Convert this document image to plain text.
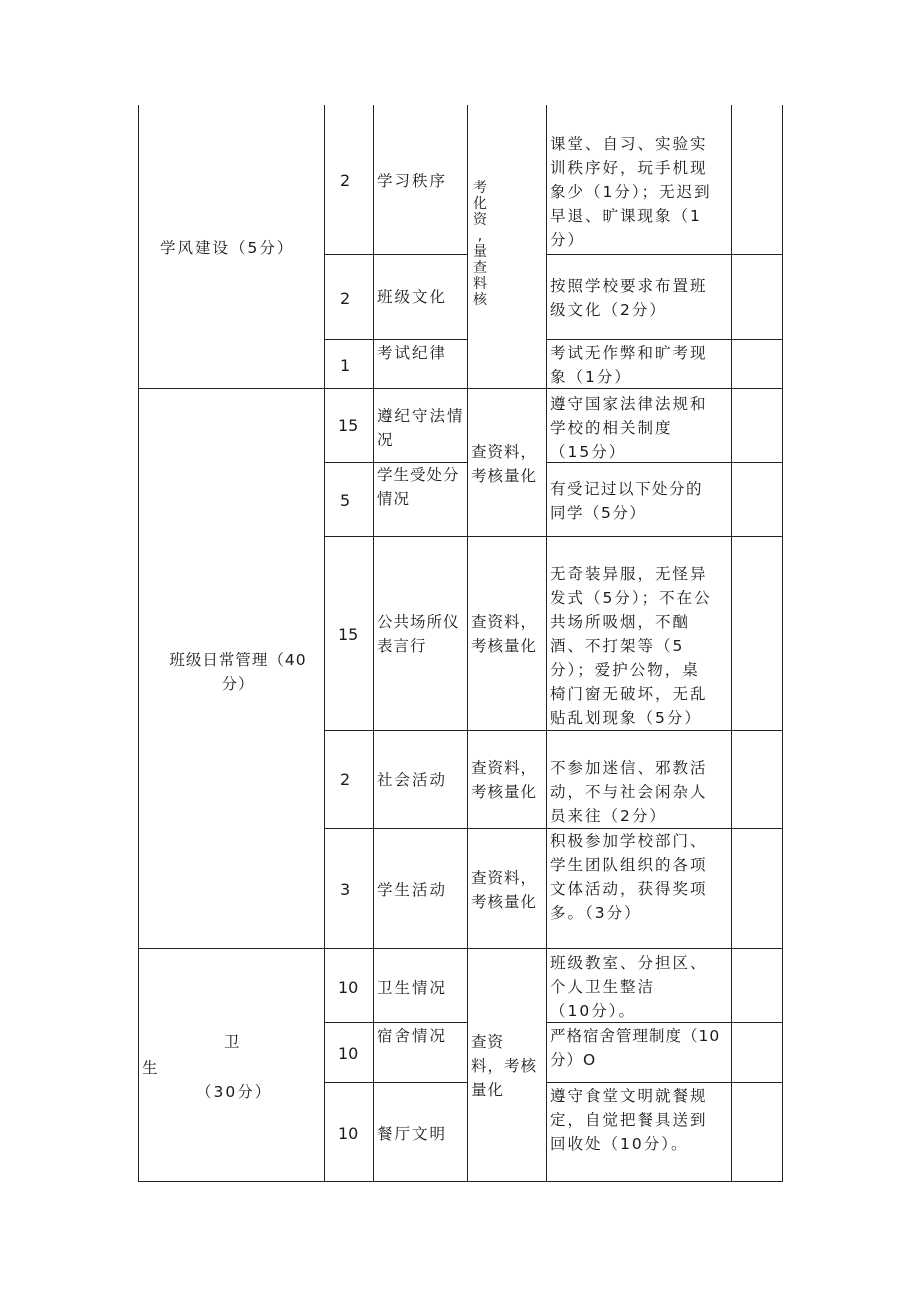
学风建设（5分）
2 学习秩序
课堂、自习、实验实
训秩序好，玩手机现
象少（1分）；无迟到
早退、旷课现象（1
分）
考
化
资
,
量
查
料
核
2 班级文化
按照学校要求布置班
级文化（2分）
1
考试纪律	考试无作弊和旷考现
象（1分）
班级日常管理（40
分）
15 遵纪守法情
况
遵守国家法律法规和
学校的相关制度
（15分）
查资料，
考核量化
5
学生受处分
情况
有受记过以下处分的
同学（5分）
15
公共场所仪
表言行
查资料，
考核量化
无奇装异服，无怪异
发式（5分）；不在公
共场所吸烟，不酗
酒、不打架等（5
分）；爱护公物，桌
椅门窗无破坏，无乱
贴乱划现象（5分）
2 社会活动
查资料，
考核量化
不参加迷信、邪教活
动，不与社会闲杂人
员来往（2分）
3 学生活动
查资料，
考核量化
积极参加学校部门、
学生团队组织的各项
文体活动，获得奖项
多。（3分）
卫
生
（30分）
10 卫生情况
班级教室、分担区、
个人卫生整洁
（10分）。
查资
料，考核
量化
10
宿舍情况	严格宿舍管理制度（10
分）O
10 餐厅文明
遵守食堂文明就餐规
定，自觉把餐具送到
回收处（10分）。
